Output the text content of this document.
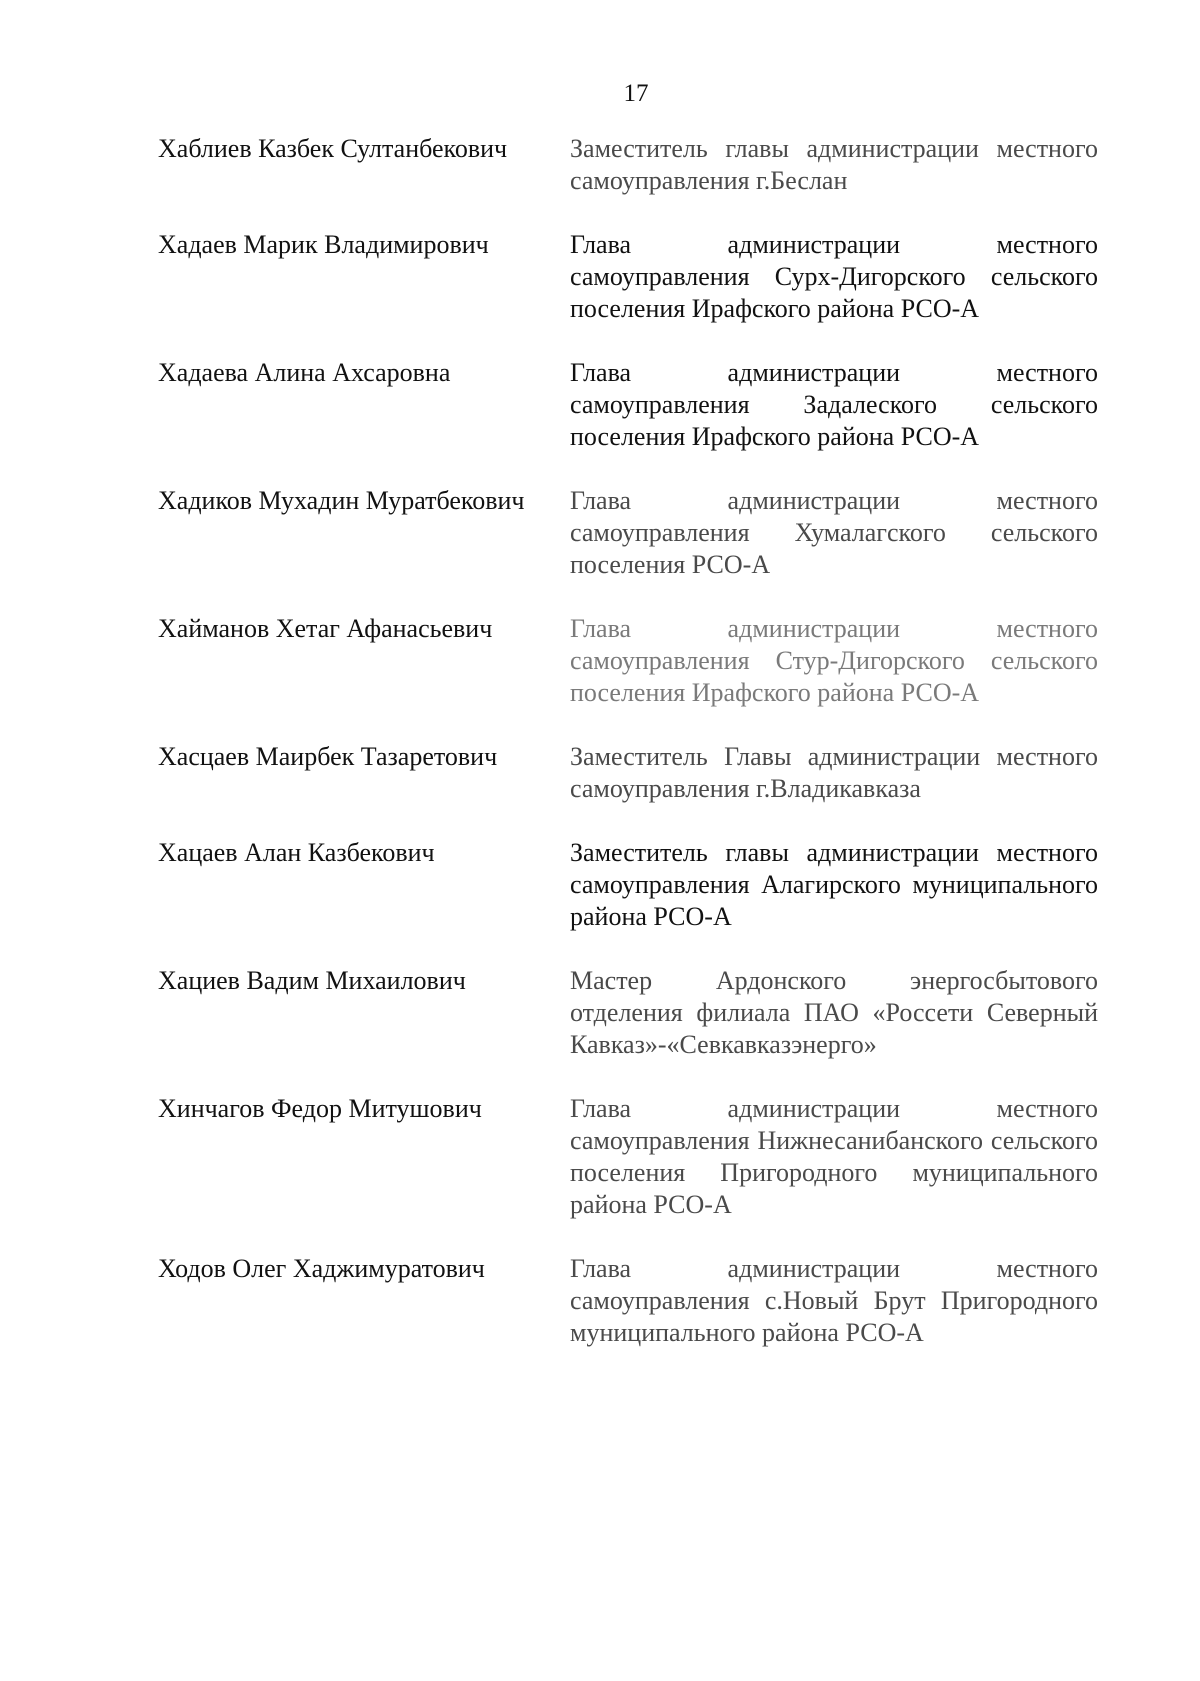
17
Хаблиев Казбек Султанбекович	Заместитель главы администрации местного самоуправления г.Беслан
Хадаев Марик Владимирович	Глава администрации местного самоуправления Сурх-Дигорского сельского поселения Ирафского района РСО-А
Хадаева Алина Ахсаровна	Глава администрации местного самоуправления Задалеского сельского поселения Ирафского района РСО-А
Хадиков Мухадин Муратбекович	Глава администрации местного самоуправления Хумалагского сельского поселения РСО-А
Хайманов Хетаг Афанасьевич	Глава администрации местного самоуправления Стур-Дигорского сельского поселения Ирафского района РСО-А
Хасцаев Маирбек Тазаретович	Заместитель Главы администрации местного самоуправления г.Владикавказа
Хацаев Алан Казбекович	Заместитель главы администрации местного самоуправления Алагирского муниципального района РСО-А
Хациев Вадим Михаилович	Мастер Ардонского энергосбытового отделения филиала ПАО «Россети Северный Кавказ»-«Севкавказэнерго»
Хинчагов Федор Митушович	Глава администрации местного самоуправления Нижнесанибанского сельского поселения Пригородного муниципального района РСО-А
Ходов Олег Хаджимуратович	Глава администрации местного самоуправления с.Новый Брут Пригородного муниципального района РСО-А
